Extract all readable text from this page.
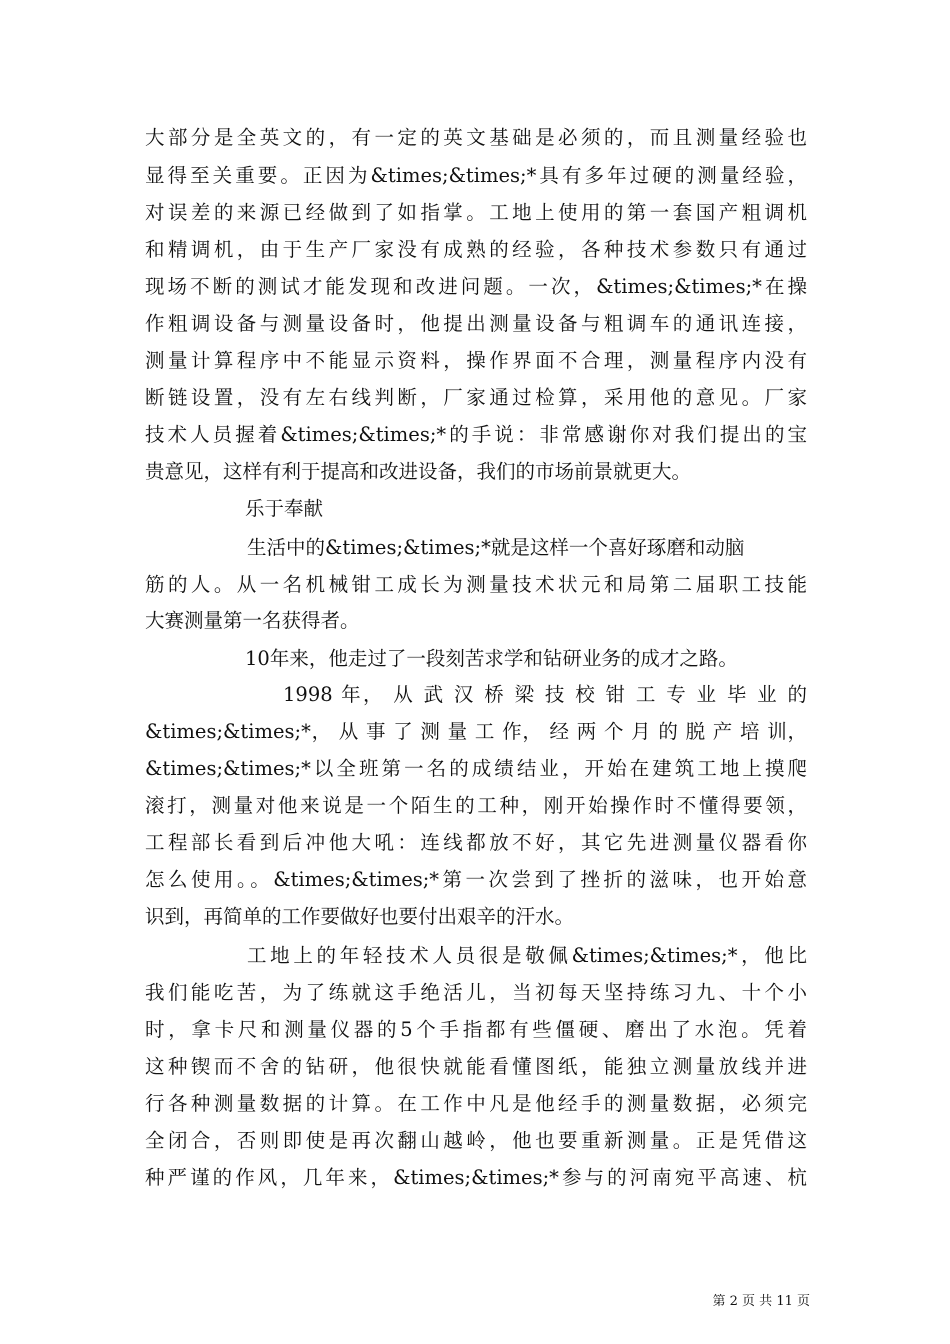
大部分是全英文的，有一定的英文基础是必须的，而且测量经验也
显得至关重要。正因为&times;&times;*具有多年过硬的测量经验，
对误差的来源已经做到了如指掌。工地上使用的第一套国产粗调机
和精调机，由于生产厂家没有成熟的经验，各种技术参数只有通过
现场不断的测试才能发现和改进问题。一次，&times;&times;*在操
作粗调设备与测量设备时，他提出测量设备与粗调车的通讯连接，
测量计算程序中不能显示资料，操作界面不合理，测量程序内没有
断链设置，没有左右线判断，厂家通过检算，采用他的意见。厂家
技术人员握着&times;&times;*的手说：非常感谢你对我们提出的宝
贵意见，这样有利于提高和改进设备，我们的市场前景就更大。
乐于奉献
生活中的&times;&times;*就是这样一个喜好琢磨和动脑
筋的人。从一名机械钳工成长为测量技术状元和局第二届职工技能
大赛测量第一名获得者。
10年来，他走过了一段刻苦求学和钻研业务的成才之路。
1998 年， 从 武 汉 桥 梁 技 校 钳 工 专 业 毕 业 的
&times;&times;*， 从 事 了 测 量 工 作， 经 两 个 月 的 脱 产 培 训，
&times;&times;*以全班第一名的成绩结业，开始在建筑工地上摸爬
滚打，测量对他来说是一个陌生的工种，刚开始操作时不懂得要领，
工程部长看到后冲他大吼：连线都放不好，其它先进测量仪器看你
怎么使用。。&times;&times;*第一次尝到了挫折的滋味，也开始意
识到，再简单的工作要做好也要付出艰辛的汗水。
工地上的年轻技术人员很是敬佩&times;&times;*，他比
我们能吃苦，为了练就这手绝活儿，当初每天坚持练习九、十个小
时，拿卡尺和测量仪器的5个手指都有些僵硬、磨出了水泡。凭着
这种锲而不舍的钻研，他很快就能看懂图纸，能独立测量放线并进
行各种测量数据的计算。在工作中凡是他经手的测量数据，必须完
全闭合，否则即使是再次翻山越岭，他也要重新测量。正是凭借这
种严谨的作风，几年来，&times;&times;*参与的河南宛平高速、杭
第 2 页 共 11 页
